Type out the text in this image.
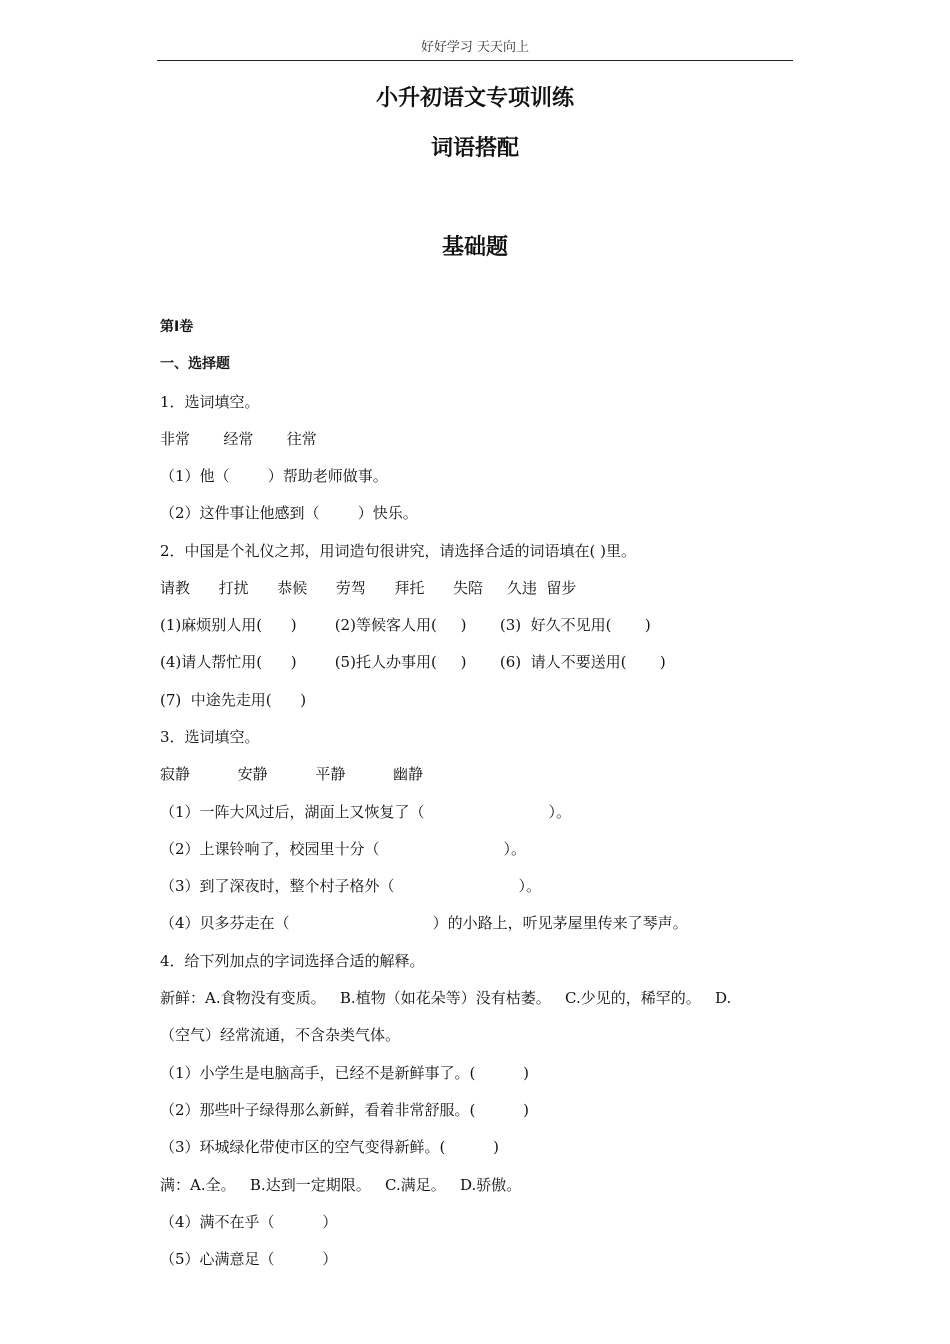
好好学习 天天向上
小升初语文专项训练
词语搭配
基础题
第Ⅰ卷
一、选择题
1．选词填空。
非常       经常       往常
（1）他（        ）帮助老师做事。
（2）这件事让他感到（        ）快乐。
2．中国是个礼仪之邦，用词造句很讲究，请选择合适的词语填在( )里。
请教      打扰      恭候      劳驾      拜托      失陪     久违  留步
(1)麻烦别人用(      )        (2)等候客人用(     )       (3)  好久不见用(       )
(4)请人帮忙用(      )        (5)托人办事用(     )       (6)  请人不要送用(       )
(7)  中途先走用(      )
3．选词填空。
寂静          安静          平静          幽静
（1）一阵大风过后，湖面上又恢复了（                          ）。
（2）上课铃响了，校园里十分（                          ）。
（3）到了深夜时，整个村子格外（                          ）。
（4）贝多芬走在（                              ）的小路上，听见茅屋里传来了琴声。
4．给下列加点的字词选择合适的解释。
新鲜：A.食物没有变质。   B.植物（如花朵等）没有枯萎。   C.少见的，稀罕的。   D.
（空气）经常流通，不含杂类气体。
（1）小学生是电脑高手，已经不是新鲜事了。(          )
（2）那些叶子绿得那么新鲜，看着非常舒服。(          )
（3）环城绿化带使市区的空气变得新鲜。(          )
满：A.全。   B.达到一定期限。   C.满足。   D.骄傲。
（4）满不在乎（          ）
（5）心满意足（          ）
